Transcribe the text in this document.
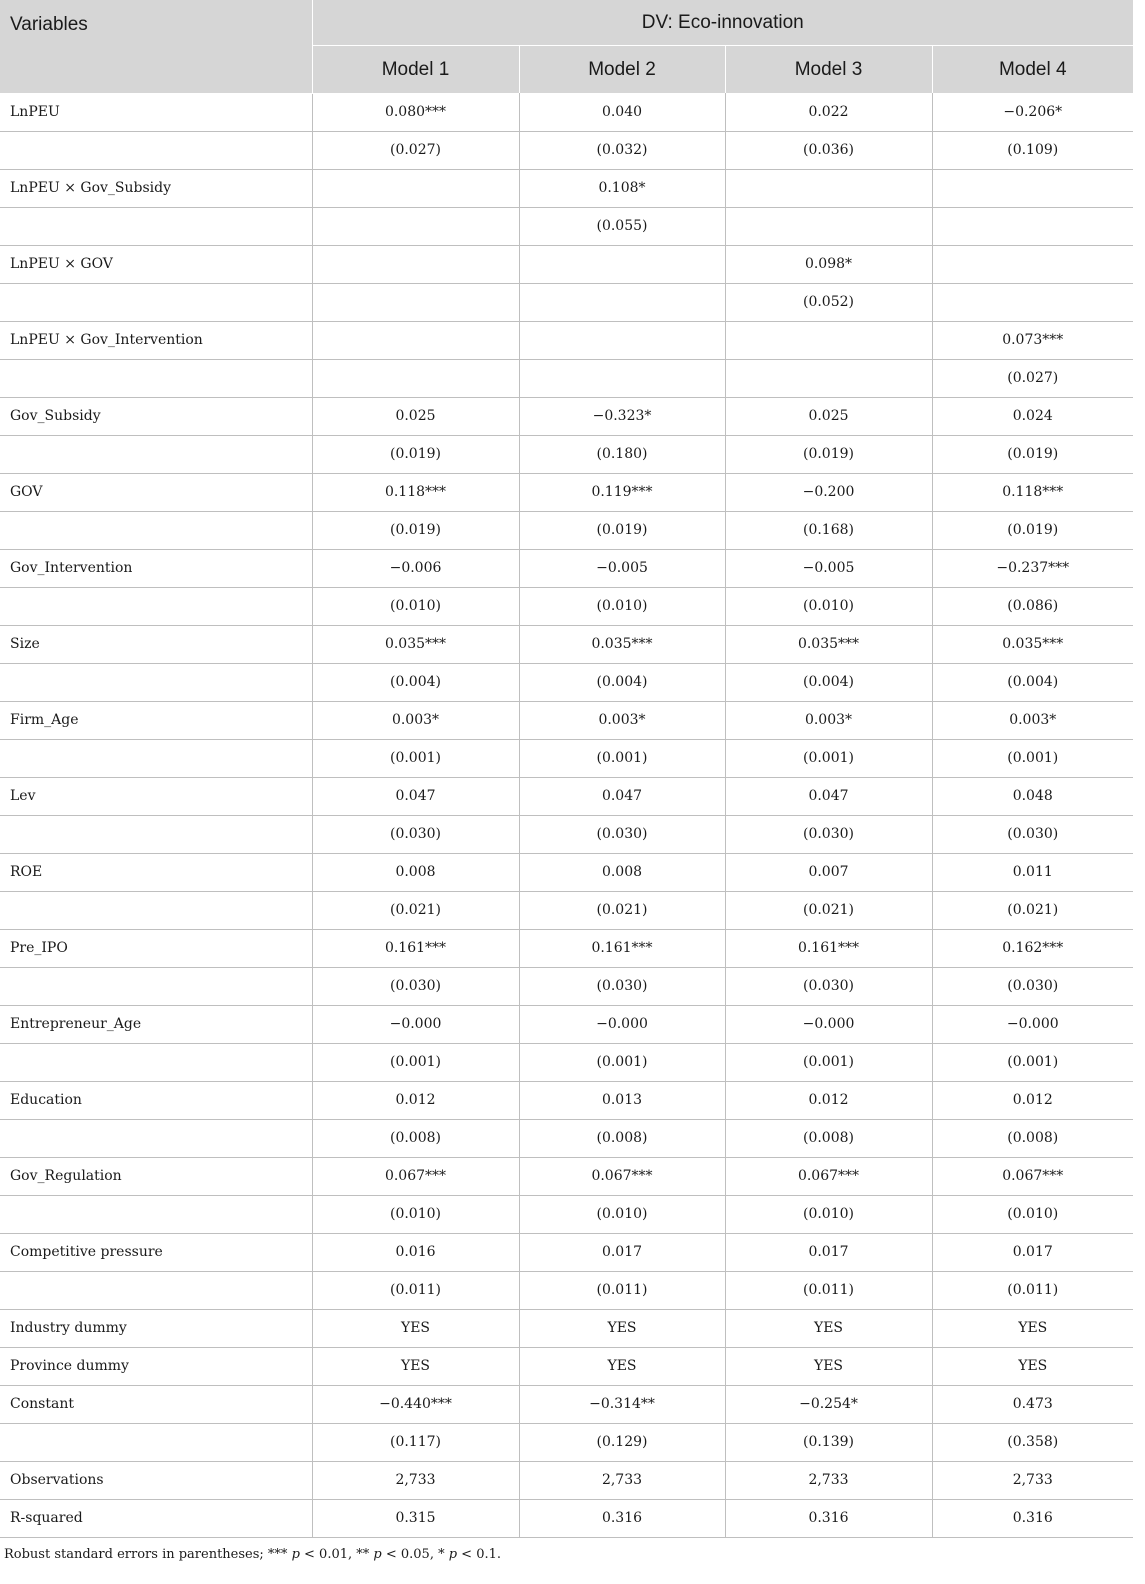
Variables	DV: Eco-innovation			
	Model 1	Model 2	Model 3	Model 4
LnPEU	0.080***	0.040	0.022	−0.206*
	(0.027)	(0.032)	(0.036)	(0.109)
LnPEU × Gov_Subsidy		0.108*		
		(0.055)		
LnPEU × GOV			0.098*	
			(0.052)	
LnPEU × Gov_Intervention				0.073***
				(0.027)
Gov_Subsidy	0.025	−0.323*	0.025	0.024
	(0.019)	(0.180)	(0.019)	(0.019)
GOV	0.118***	0.119***	−0.200	0.118***
	(0.019)	(0.019)	(0.168)	(0.019)
Gov_Intervention	−0.006	−0.005	−0.005	−0.237***
	(0.010)	(0.010)	(0.010)	(0.086)
Size	0.035***	0.035***	0.035***	0.035***
	(0.004)	(0.004)	(0.004)	(0.004)
Firm_Age	0.003*	0.003*	0.003*	0.003*
	(0.001)	(0.001)	(0.001)	(0.001)
Lev	0.047	0.047	0.047	0.048
	(0.030)	(0.030)	(0.030)	(0.030)
ROE	0.008	0.008	0.007	0.011
	(0.021)	(0.021)	(0.021)	(0.021)
Pre_IPO	0.161***	0.161***	0.161***	0.162***
	(0.030)	(0.030)	(0.030)	(0.030)
Entrepreneur_Age	−0.000	−0.000	−0.000	−0.000
	(0.001)	(0.001)	(0.001)	(0.001)
Education	0.012	0.013	0.012	0.012
	(0.008)	(0.008)	(0.008)	(0.008)
Gov_Regulation	0.067***	0.067***	0.067***	0.067***
	(0.010)	(0.010)	(0.010)	(0.010)
Competitive pressure	0.016	0.017	0.017	0.017
	(0.011)	(0.011)	(0.011)	(0.011)
Industry dummy	YES	YES	YES	YES
Province dummy	YES	YES	YES	YES
Constant	−0.440***	−0.314**	−0.254*	0.473
	(0.117)	(0.129)	(0.139)	(0.358)
Observations	2,733	2,733	2,733	2,733
R-squared	0.315	0.316	0.316	0.316
Robust standard errors in parentheses; *** p < 0.01, ** p < 0.05, * p < 0.1.
